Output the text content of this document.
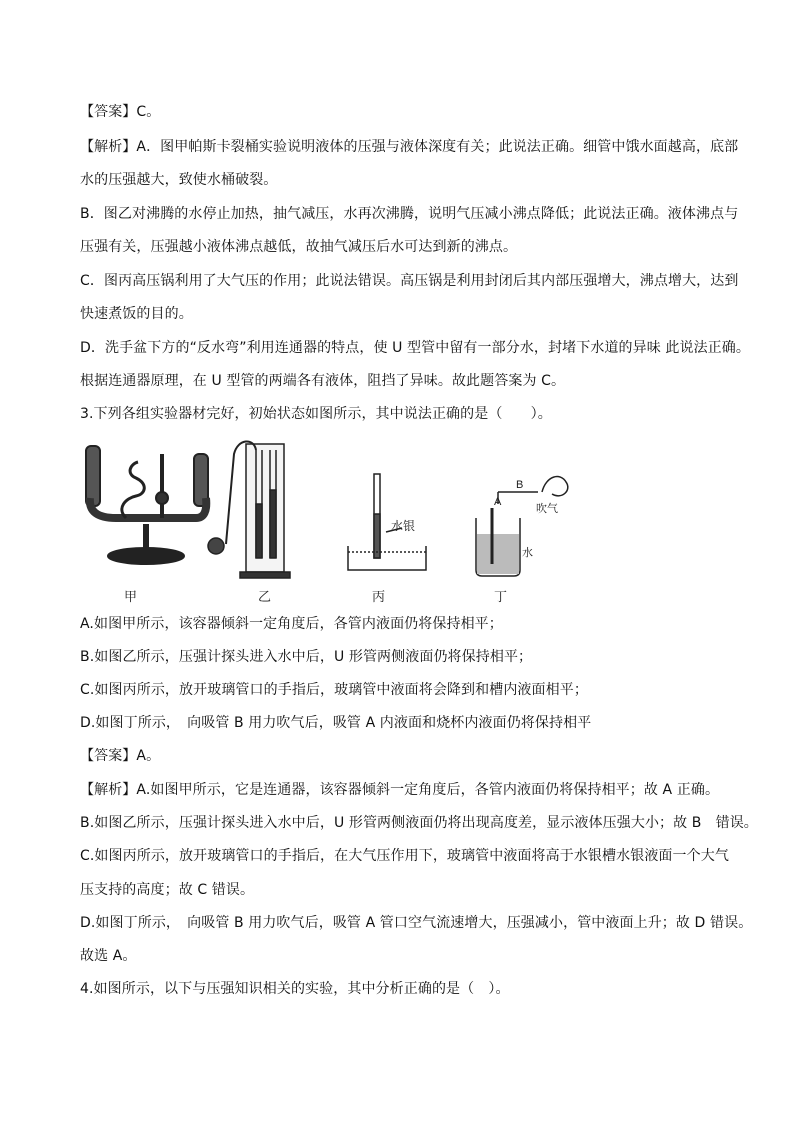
【答案】C。
【解析】A．图甲帕斯卡裂桶实验说明液体的压强与液体深度有关；此说法正确。细管中饿水面越高，底部
水的压强越大，致使水桶破裂。
B．图乙对沸腾的水停止加热，抽气减压，水再次沸腾，说明气压减小沸点降低；此说法正确。液体沸点与
压强有关，压强越小液体沸点越低，故抽气减压后水可达到新的沸点。
C．图丙高压锅利用了大气压的作用；此说法错误。高压锅是利用封闭后其内部压强增大，沸点增大，达到
快速煮饭的目的。
D．洗手盆下方的“反水弯”利用连通器的特点，使 U 型管中留有一部分水，封堵下水道的异味 此说法正确。
根据连通器原理，在 U 型管的两端各有液体，阻挡了异味。故此题答案为 C。
3.下列各组实验器材完好，初始状态如图所示，其中说法正确的是（　　）。
水银
A
B
吹气
水
甲	乙	丙	丁
A.如图甲所示，该容器倾斜一定角度后，各管内液面仍将保持相平；
B.如图乙所示，压强计探头进入水中后，U 形管两侧液面仍将保持相平；
C.如图丙所示，放开玻璃管口的手指后，玻璃管中液面将会降到和槽内液面相平；
D.如图丁所示，　向吸管 B 用力吹气后，吸管 A 内液面和烧杯内液面仍将保持相平
【答案】A。
【解析】A.如图甲所示，它是连通器，该容器倾斜一定角度后，各管内液面仍将保持相平；故 A 正确。
B.如图乙所示，压强计探头进入水中后，U 形管两侧液面仍将出现高度差，显示液体压强大小；故 B　错误。
C.如图丙所示，放开玻璃管口的手指后，在大气压作用下，玻璃管中液面将高于水银槽水银液面一个大气
压支持的高度；故 C 错误。
D.如图丁所示，　向吸管 B 用力吹气后，吸管 A 管口空气流速增大，压强减小，管中液面上升；故 D 错误。
故选 A。
4.如图所示，以下与压强知识相关的实验，其中分析正确的是（　）。
